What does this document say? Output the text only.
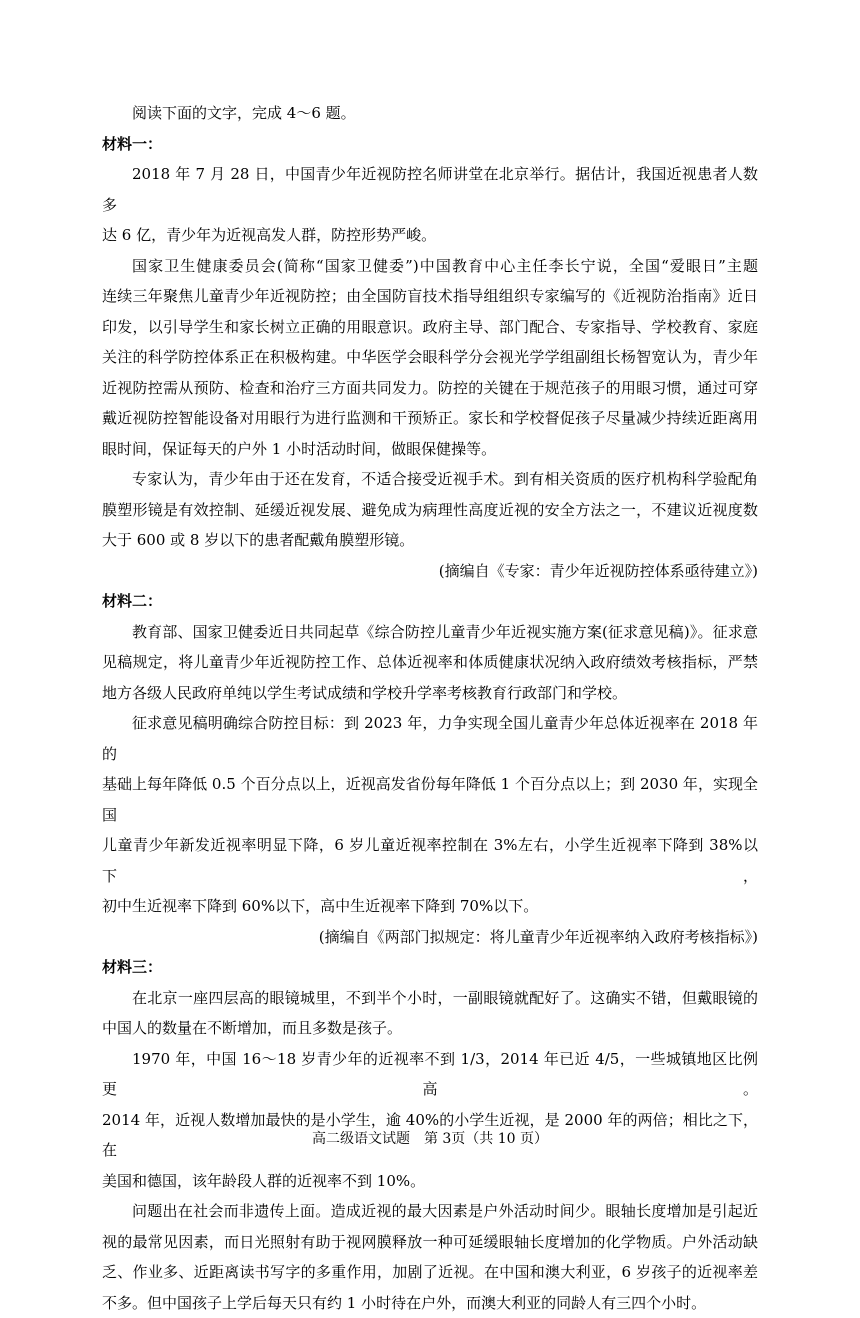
阅读下面的文字，完成 4～6 题。

材料一：

2018 年 7 月 28 日，中国青少年近视防控名师讲堂在北京举行。据估计，我国近视患者人数多

达 6 亿，青少年为近视高发人群，防控形势严峻。

国家卫生健康委员会(简称“国家卫健委”)中国教育中心主任李长宁说，全国“爱眼日”主题

连续三年聚焦儿童青少年近视防控；由全国防盲技术指导组组织专家编写的《近视防治指南》近日

印发，以引导学生和家长树立正确的用眼意识。政府主导、部门配合、专家指导、学校教育、家庭

关注的科学防控体系正在积极构建。中华医学会眼科学分会视光学学组副组长杨智宽认为，青少年

近视防控需从预防、检查和治疗三方面共同发力。防控的关键在于规范孩子的用眼习惯，通过可穿

戴近视防控智能设备对用眼行为进行监测和干预矫正。家长和学校督促孩子尽量减少持续近距离用

眼时间，保证每天的户外 1 小时活动时间，做眼保健操等。

专家认为，青少年由于还在发育，不适合接受近视手术。到有相关资质的医疗机构科学验配角

膜塑形镜是有效控制、延缓近视发展、避免成为病理性高度近视的安全方法之一，不建议近视度数

大于 600 或 8 岁以下的患者配戴角膜塑形镜。

(摘编自《专家：青少年近视防控体系亟待建立》)

材料二：

教育部、国家卫健委近日共同起草《综合防控儿童青少年近视实施方案(征求意见稿)》。征求意

见稿规定，将儿童青少年近视防控工作、总体近视率和体质健康状况纳入政府绩效考核指标，严禁

地方各级人民政府单纯以学生考试成绩和学校升学率考核教育行政部门和学校。

征求意见稿明确综合防控目标：到 2023 年，力争实现全国儿童青少年总体近视率在 2018 年的

基础上每年降低 0.5 个百分点以上，近视高发省份每年降低 1 个百分点以上；到 2030 年，实现全国

儿童青少年新发近视率明显下降，6 岁儿童近视率控制在 3%左右，小学生近视率下降到 38%以下，

初中生近视率下降到 60%以下，高中生近视率下降到 70%以下。

(摘编自《两部门拟规定：将儿童青少年近视率纳入政府考核指标》)

材料三：

在北京一座四层高的眼镜城里，不到半个小时，一副眼镜就配好了。这确实不错，但戴眼镜的

中国人的数量在不断增加，而且多数是孩子。

1970 年，中国 16～18 岁青少年的近视率不到 1/3，2014 年已近 4/5，一些城镇地区比例更高。

2014 年，近视人数增加最快的是小学生，逾 40%的小学生近视，是 2000 年的两倍；相比之下，在

美国和德国，该年龄段人群的近视率不到 10%。

问题出在社会而非遗传上面。造成近视的最大因素是户外活动时间少。眼轴长度增加是引起近

视的最常见因素，而日光照射有助于视网膜释放一种可延缓眼轴长度增加的化学物质。户外活动缺

乏、作业多、近距离读书写字的多重作用，加剧了近视。在中国和澳大利亚，6 岁孩子的近视率差

不多。但中国孩子上学后每天只有约 1 小时待在户外，而澳大利亚的同龄人有三四个小时。

高二级语文试题　第 3页（共 10 页）
